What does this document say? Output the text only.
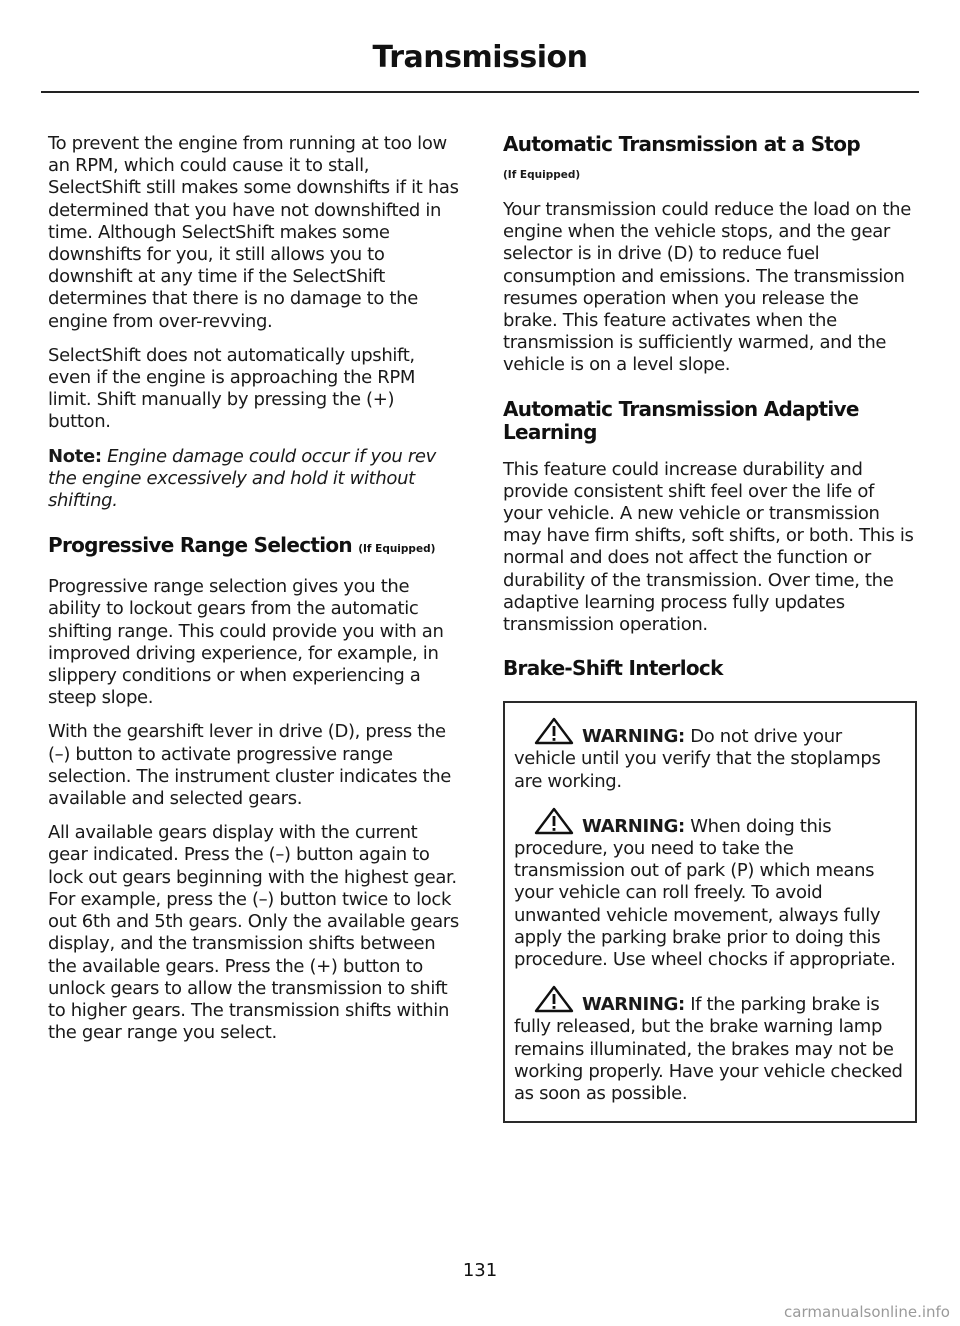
Transmission

To prevent the engine from running at too low an RPM, which could cause it to stall, SelectShift still makes some downshifts if it has determined that you have not downshifted in time. Although SelectShift makes some downshifts for you, it still allows you to downshift at any time if the SelectShift determines that there is no damage to the engine from over-revving.

SelectShift does not automatically upshift, even if the engine is approaching the RPM limit. Shift manually by pressing the (+) button.

Note: Engine damage could occur if you rev the engine excessively and hold it without shifting.

Progressive Range Selection (If Equipped)

Progressive range selection gives you the ability to lockout gears from the automatic shifting range. This could provide you with an improved driving experience, for example, in slippery conditions or when experiencing a steep slope.

With the gearshift lever in drive (D), press the (–) button to activate progressive range selection. The instrument cluster indicates the available and selected gears.

All available gears display with the current gear indicated. Press the (–) button again to lock out gears beginning with the highest gear. For example, press the (–) button twice to lock out 6th and 5th gears. Only the available gears display, and the transmission shifts between the available gears. Press the (+) button to unlock gears to allow the transmission to shift to higher gears. The transmission shifts within the gear range you select.

Automatic Transmission at a Stop
(If Equipped)

Your transmission could reduce the load on the engine when the vehicle stops, and the gear selector is in drive (D) to reduce fuel consumption and emissions. The transmission resumes operation when you release the brake. This feature activates when the transmission is sufficiently warmed, and the vehicle is on a level slope.

Automatic Transmission Adaptive Learning

This feature could increase durability and provide consistent shift feel over the life of your vehicle. A new vehicle or transmission may have firm shifts, soft shifts, or both. This is normal and does not affect the function or durability of the transmission. Over time, the adaptive learning process fully updates transmission operation.

Brake-Shift Interlock

WARNING: Do not drive your vehicle until you verify that the stoplamps are working.

WARNING: When doing this procedure, you need to take the transmission out of park (P) which means your vehicle can roll freely. To avoid unwanted vehicle movement, always fully apply the parking brake prior to doing this procedure. Use wheel chocks if appropriate.

WARNING: If the parking brake is fully released, but the brake warning lamp remains illuminated, the brakes may not be working properly. Have your vehicle checked as soon as possible.

131
carmanualsonline.info
